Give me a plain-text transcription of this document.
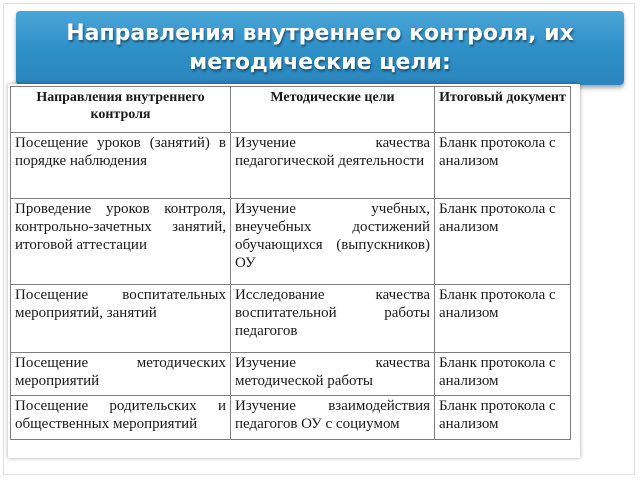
Направления внутреннего контроля, их методические цели:
Направления внутреннего контроля	Методические цели	Итоговый документ
Посещение уроков (занятий) в порядке наблюдения	Изучение качества педагогической деятельности	Бланк протокола с анализом
Проведение уроков контроля, контрольно-зачетных занятий, итоговой аттестации	Изучение учебных, внеучебных достижений обучающихся (выпускников) ОУ	Бланк протокола с анализом
Посещение воспитательных мероприятий, занятий	Исследование качества воспитательной работы педагогов	Бланк протокола с анализом
Посещение методических мероприятий	Изучение качества методической работы	Бланк протокола с анализом
Посещение родительских и общественных мероприятий	Изучение взаимодействия педагогов ОУ с социумом	Бланк протокола с анализом
